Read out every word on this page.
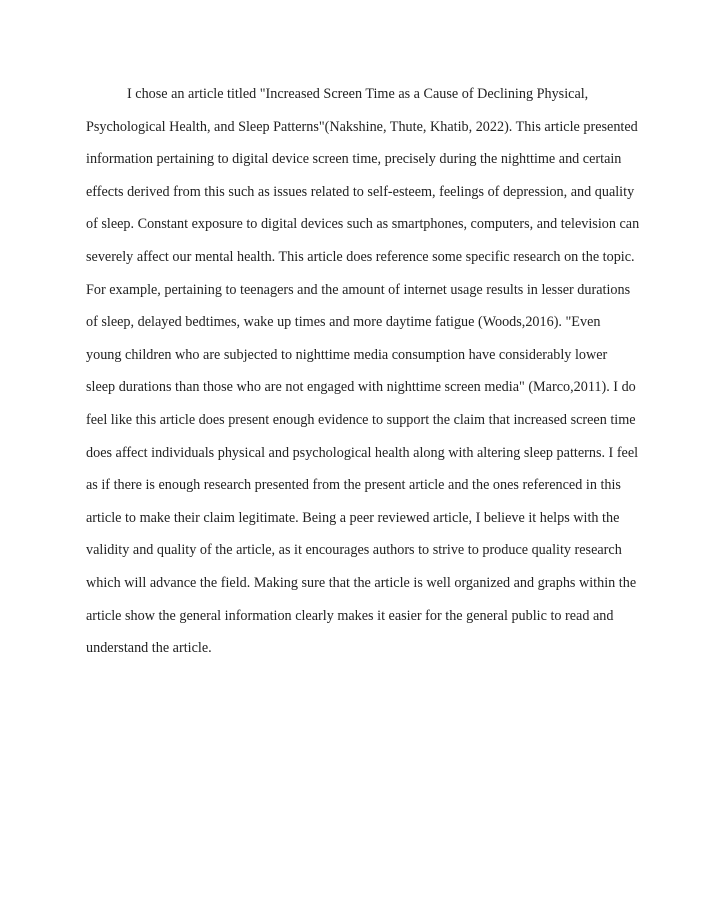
I chose an article titled "Increased Screen Time as a Cause of Declining Physical,
Psychological Health, and Sleep Patterns"(Nakshine, Thute, Khatib, 2022). This article presented
information pertaining to digital device screen time, precisely during the nighttime and certain
effects derived from this such as issues related to self-esteem, feelings of depression, and quality
of sleep. Constant exposure to digital devices such as smartphones, computers, and television can
severely affect our mental health. This article does reference some specific research on the topic.
For example, pertaining to teenagers and the amount of internet usage results in lesser durations
of sleep, delayed bedtimes, wake up times and more daytime fatigue (Woods,2016). "Even
young children who are subjected to nighttime media consumption have considerably lower
sleep durations than those who are not engaged with nighttime screen media" (Marco,2011). I do
feel like this article does present enough evidence to support the claim that increased screen time
does affect individuals physical and psychological health along with altering sleep patterns. I feel
as if there is enough research presented from the present article and the ones referenced in this
article to make their claim legitimate. Being a peer reviewed article, I believe it helps with the
validity and quality of the article, as it encourages authors to strive to produce quality research
which will advance the field. Making sure that the article is well organized and graphs within the
article show the general information clearly makes it easier for the general public to read and
understand the article.
